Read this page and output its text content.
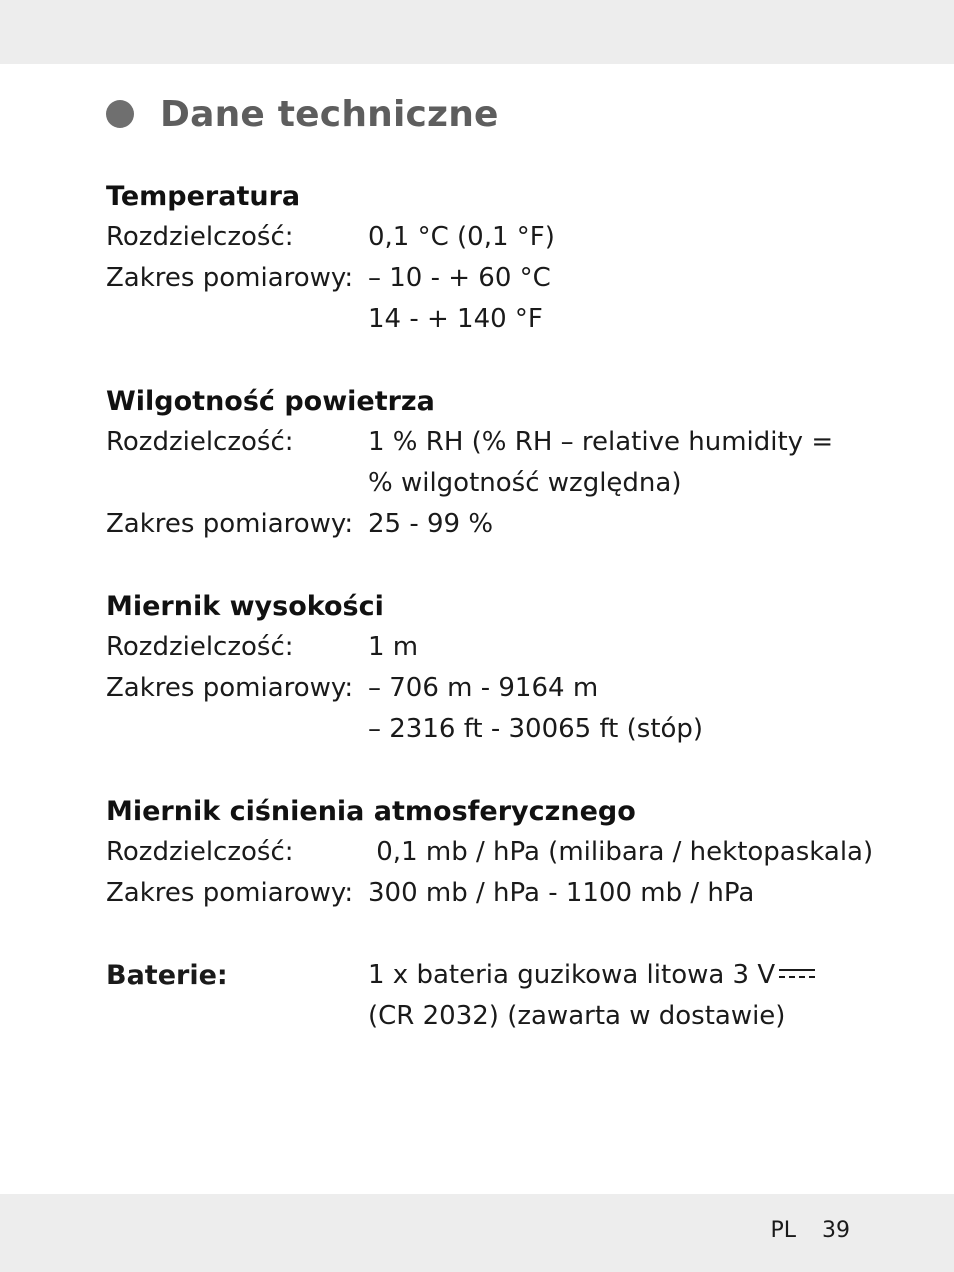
Dane techniczne
Temperatura
Rozdzielczość:	0,1 °C (0,1 °F)
Zakres pomiarowy: – 10 - + 60 °C
14 - + 140 °F
Wilgotność powietrza
Rozdzielczość:	1 % RH (% RH – relative humidity =
% wilgotność względna)
Zakres pomiarowy: 25 - 99 %
Miernik wysokości
Rozdzielczość:	1 m
Zakres pomiarowy: – 706 m - 9164 m
– 2316 ft - 30065 ft (stóp)
Miernik ciśnienia atmosferycznego
Rozdzielczość:	0,1 mb / hPa (milibara / hektopaskala)
Zakres pomiarowy: 300 mb / hPa - 1100 mb / hPa
Baterie:	1 x bateria guzikowa litowa 3 V
(CR 2032) (zawarta w dostawie)
PL 39
